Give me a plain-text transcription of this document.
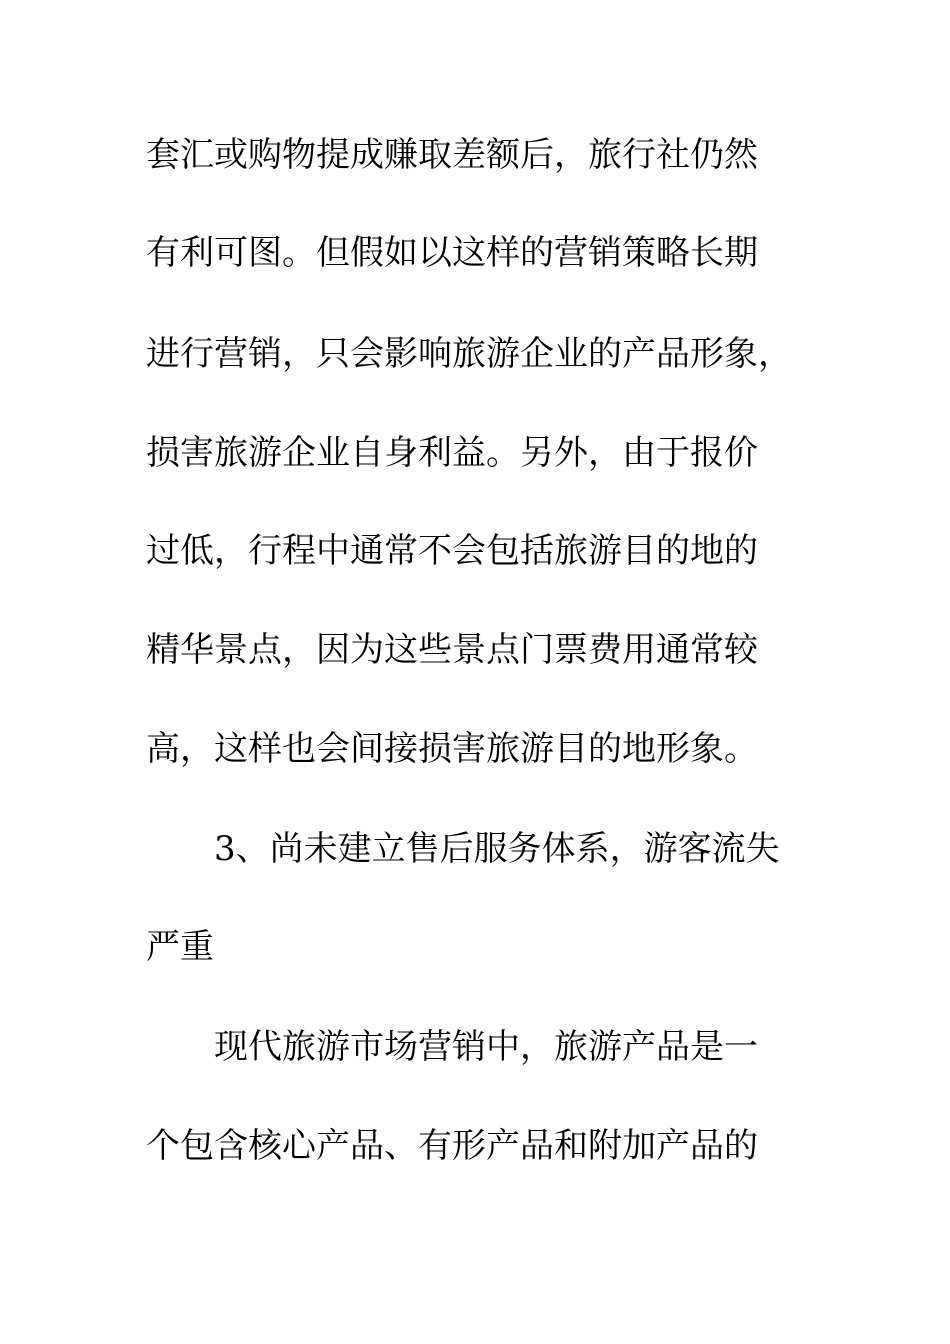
套汇或购物提成赚取差额后，旅行社仍然
有利可图。但假如以这样的营销策略长期
进行营销，只会影响旅游企业的产品形象，
损害旅游企业自身利益。另外，由于报价
过低，行程中通常不会包括旅游目的地的
精华景点，因为这些景点门票费用通常较
高，这样也会间接损害旅游目的地形象。
3、尚未建立售后服务体系，游客流失
严重
现代旅游市场营销中，旅游产品是一
个包含核心产品、有形产品和附加产品的
